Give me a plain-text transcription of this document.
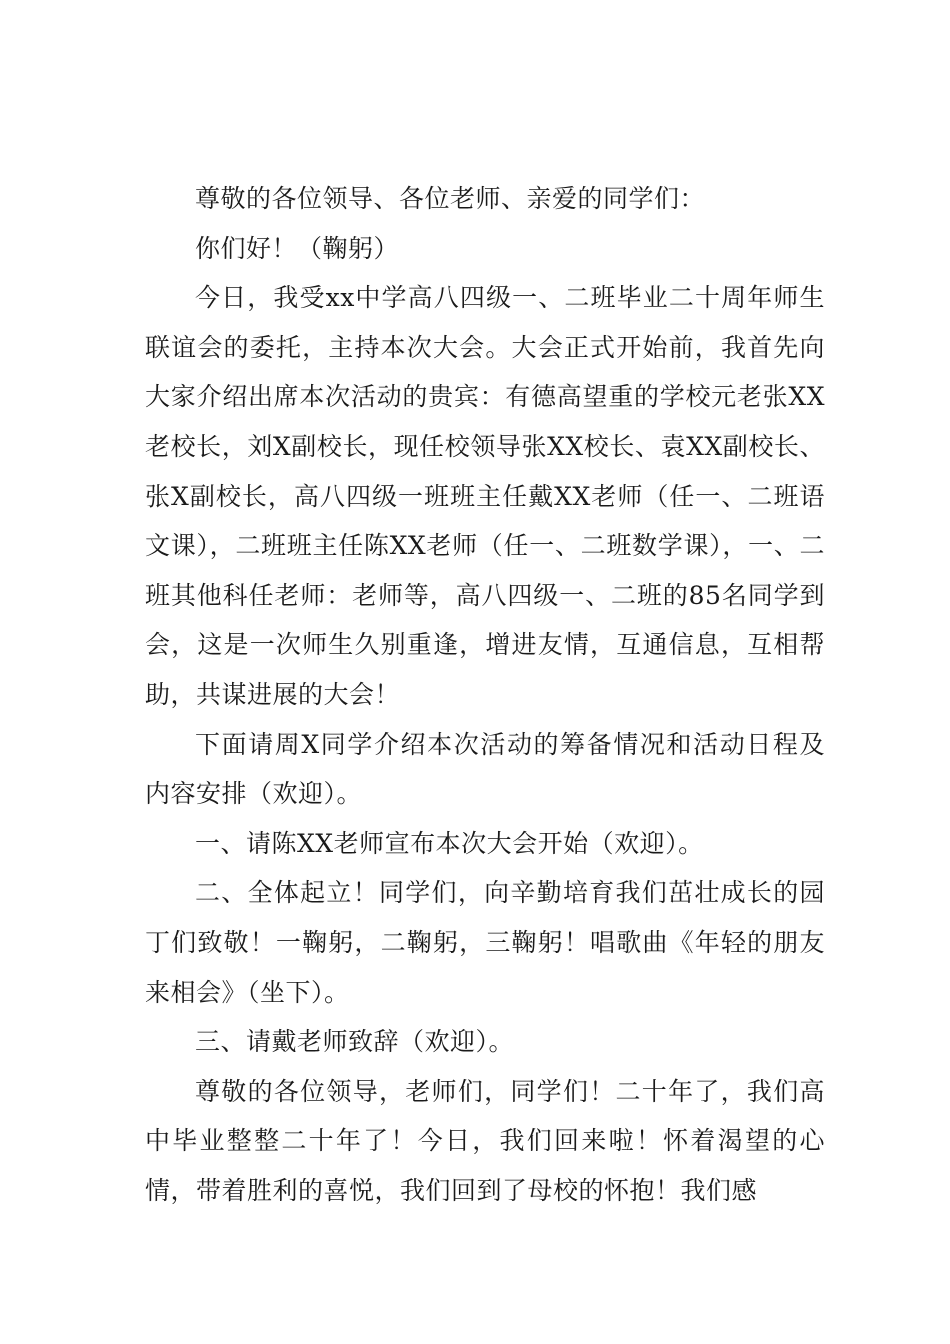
尊敬的各位领导、各位老师、亲爱的同学们：

你们好！（鞠躬）

今日，我受xx中学高八四级一、二班毕业二十周年师生联谊会的委托，主持本次大会。大会正式开始前，我首先向大家介绍出席本次活动的贵宾：有德高望重的学校元老张XX老校长，刘X副校长，现任校领导张XX校长、袁XX副校长、张X副校长，高八四级一班班主任戴XX老师（任一、二班语文课），二班班主任陈XX老师（任一、二班数学课），一、二班其他科任老师：老师等，高八四级一、二班的85名同学到会，这是一次师生久别重逢，增进友情，互通信息，互相帮助，共谋进展的大会！

下面请周X同学介绍本次活动的筹备情况和活动日程及内容安排（欢迎）。

一、请陈XX老师宣布本次大会开始（欢迎）。

二、全体起立！同学们，向辛勤培育我们茁壮成长的园丁们致敬！一鞠躬，二鞠躬，三鞠躬！唱歌曲《年轻的朋友来相会》（坐下）。

三、请戴老师致辞（欢迎）。

尊敬的各位领导，老师们，同学们！二十年了，我们高中毕业整整二十年了！今日，我们回来啦！怀着渴望的心情，带着胜利的喜悦，我们回到了母校的怀抱！我们感
